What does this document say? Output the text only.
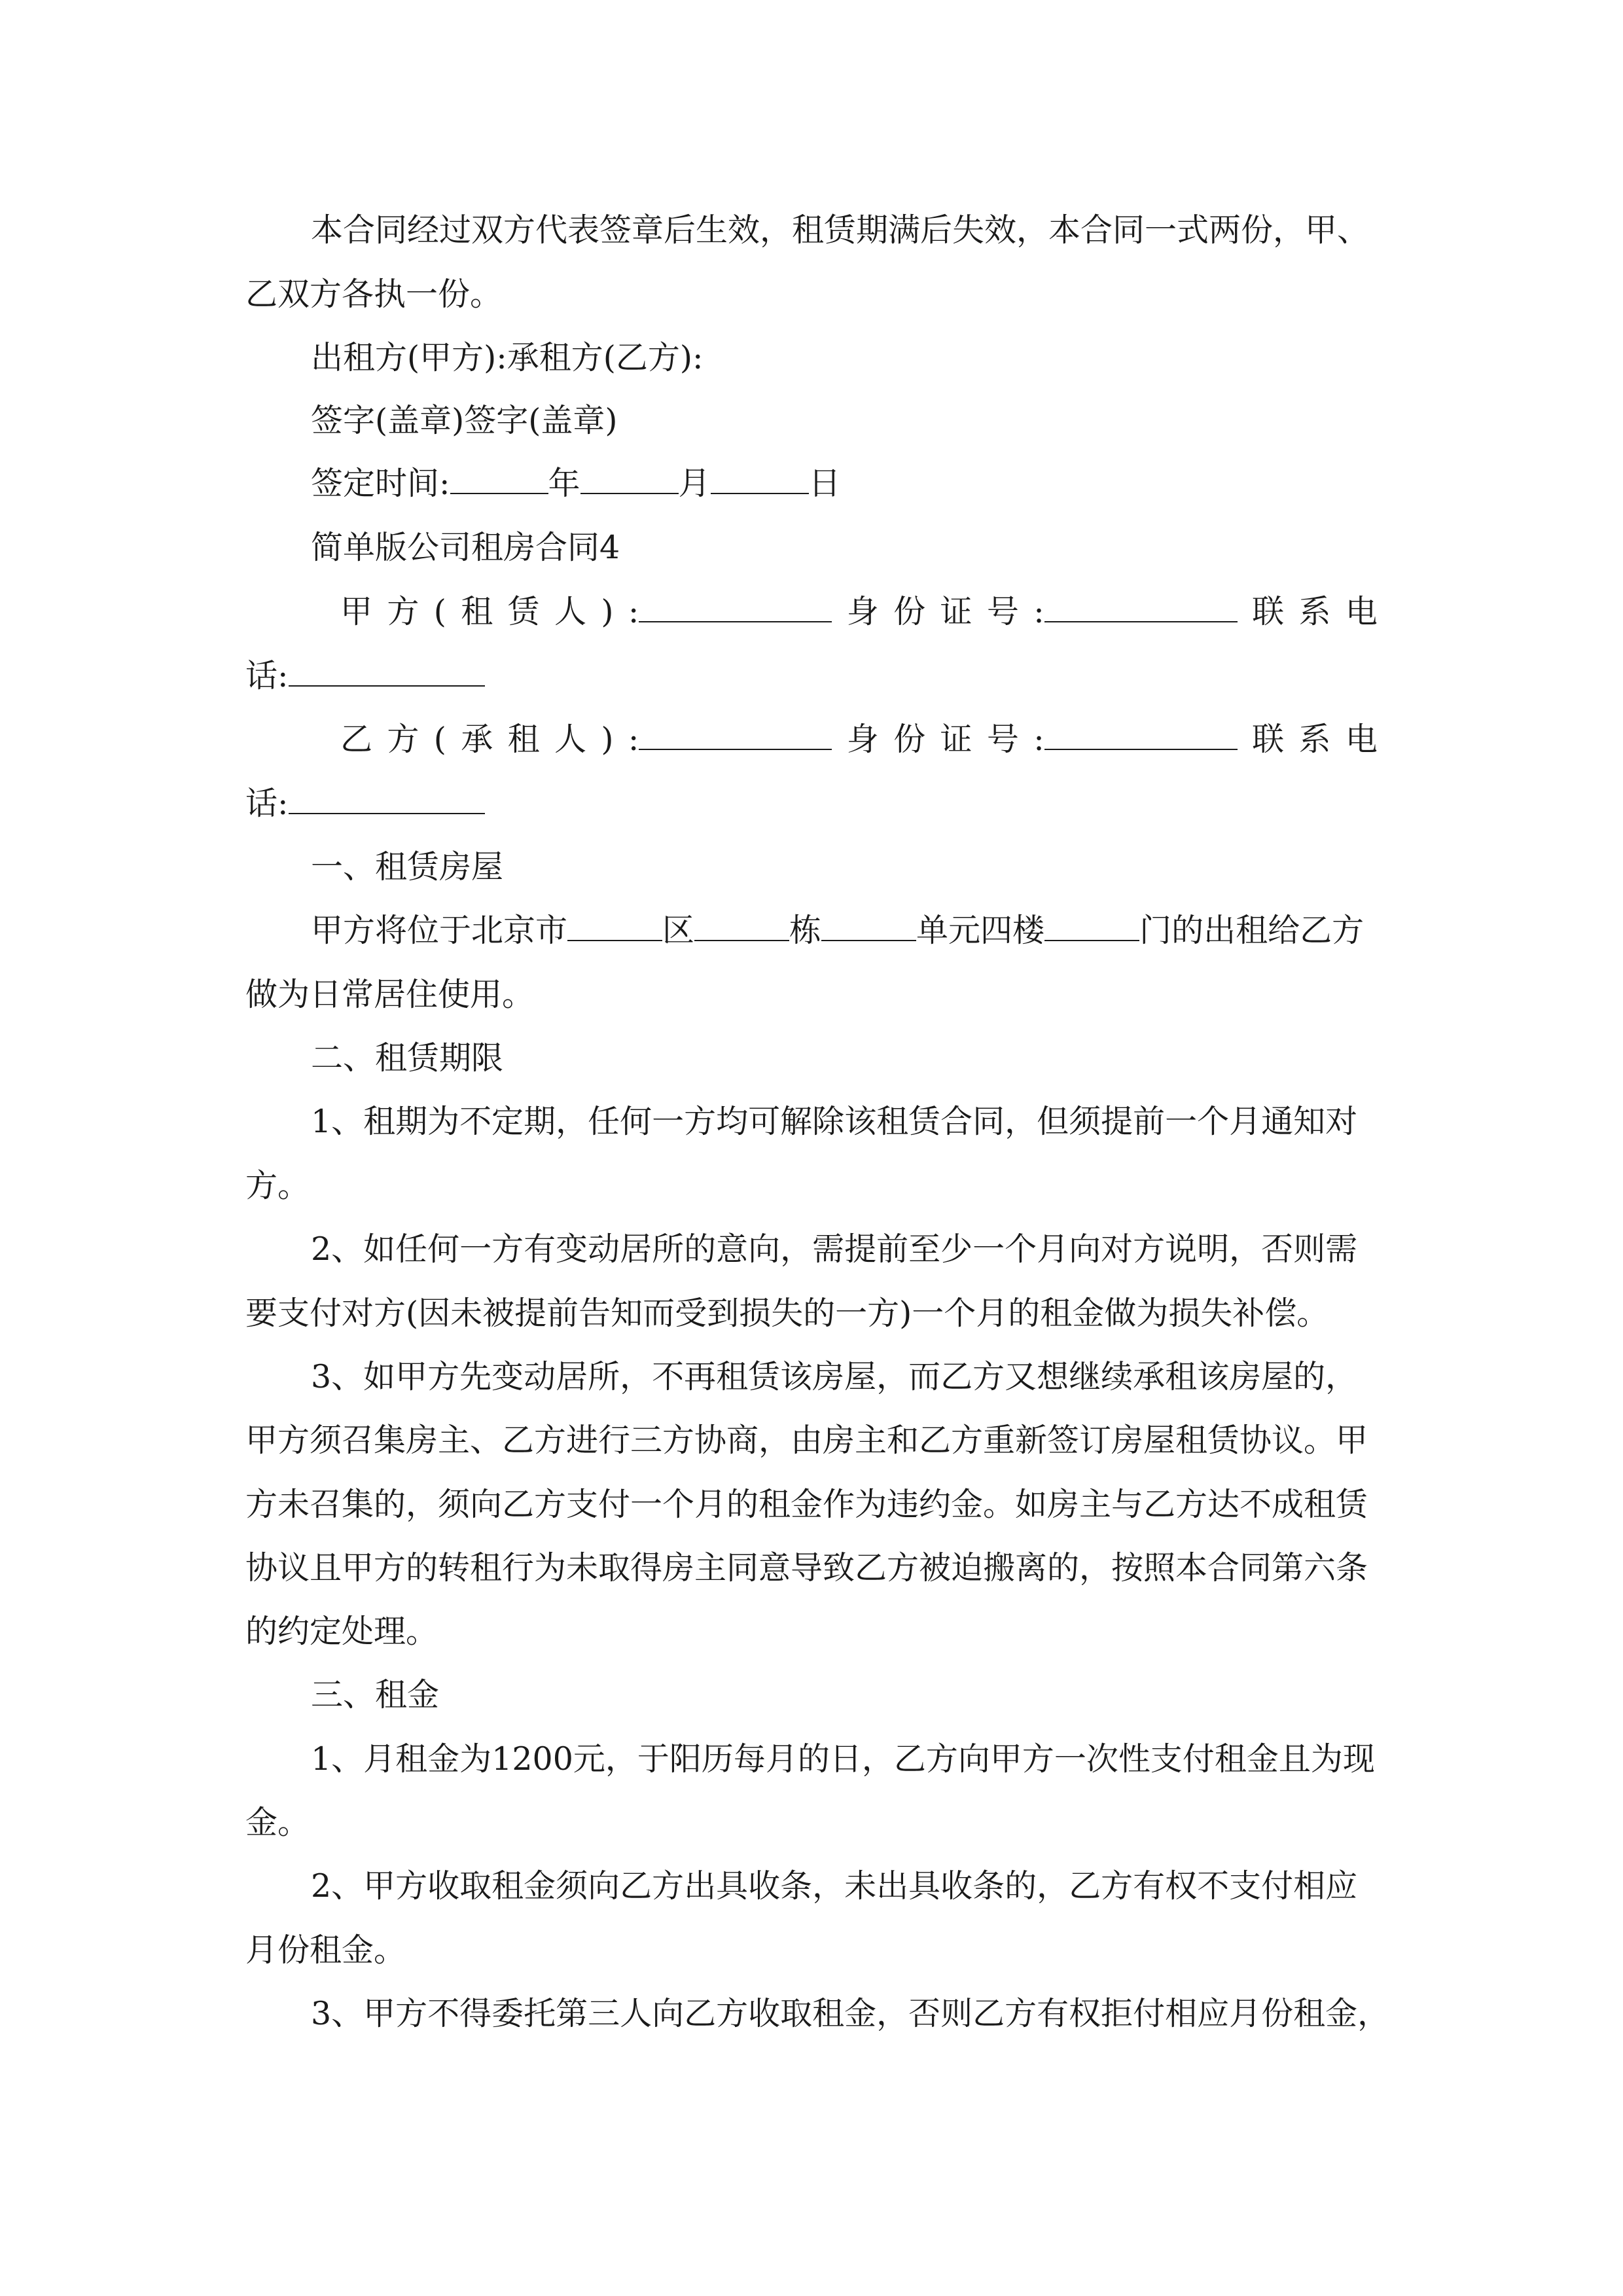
本合同经过双方代表签章后生效，租赁期满后失效，本合同一式两份，甲、
乙双方各执一份。
出租方(甲方):承租方(乙方):
签字(盖章)签字(盖章)
签定时间:	年	月	日
简单版公司租房合同4
甲 方 ( 租 赁 人 ) :	身 份 证 号 :	联 系 电
话:
乙 方 ( 承 租 人 ) :	身 份 证 号 :	联 系 电
话:
一、租赁房屋
甲方将位于北京市	区	栋	单元四楼	门的出租给乙方
做为日常居住使用。
二、租赁期限
1、租期为不定期，任何一方均可解除该租赁合同，但须提前一个月通知对
方。
2、如任何一方有变动居所的意向，需提前至少一个月向对方说明，否则需
要支付对方(因未被提前告知而受到损失的一方)一个月的租金做为损失补偿。
3、如甲方先变动居所，不再租赁该房屋，而乙方又想继续承租该房屋的，
甲方须召集房主、乙方进行三方协商，由房主和乙方重新签订房屋租赁协议。甲
方未召集的，须向乙方支付一个月的租金作为违约金。如房主与乙方达不成租赁
协议且甲方的转租行为未取得房主同意导致乙方被迫搬离的，按照本合同第六条
的约定处理。
三、租金
1、月租金为1200元，于阳历每月的日，乙方向甲方一次性支付租金且为现
金。
2、甲方收取租金须向乙方出具收条，未出具收条的，乙方有权不支付相应
月份租金。
3、甲方不得委托第三人向乙方收取租金，否则乙方有权拒付相应月份租金，
